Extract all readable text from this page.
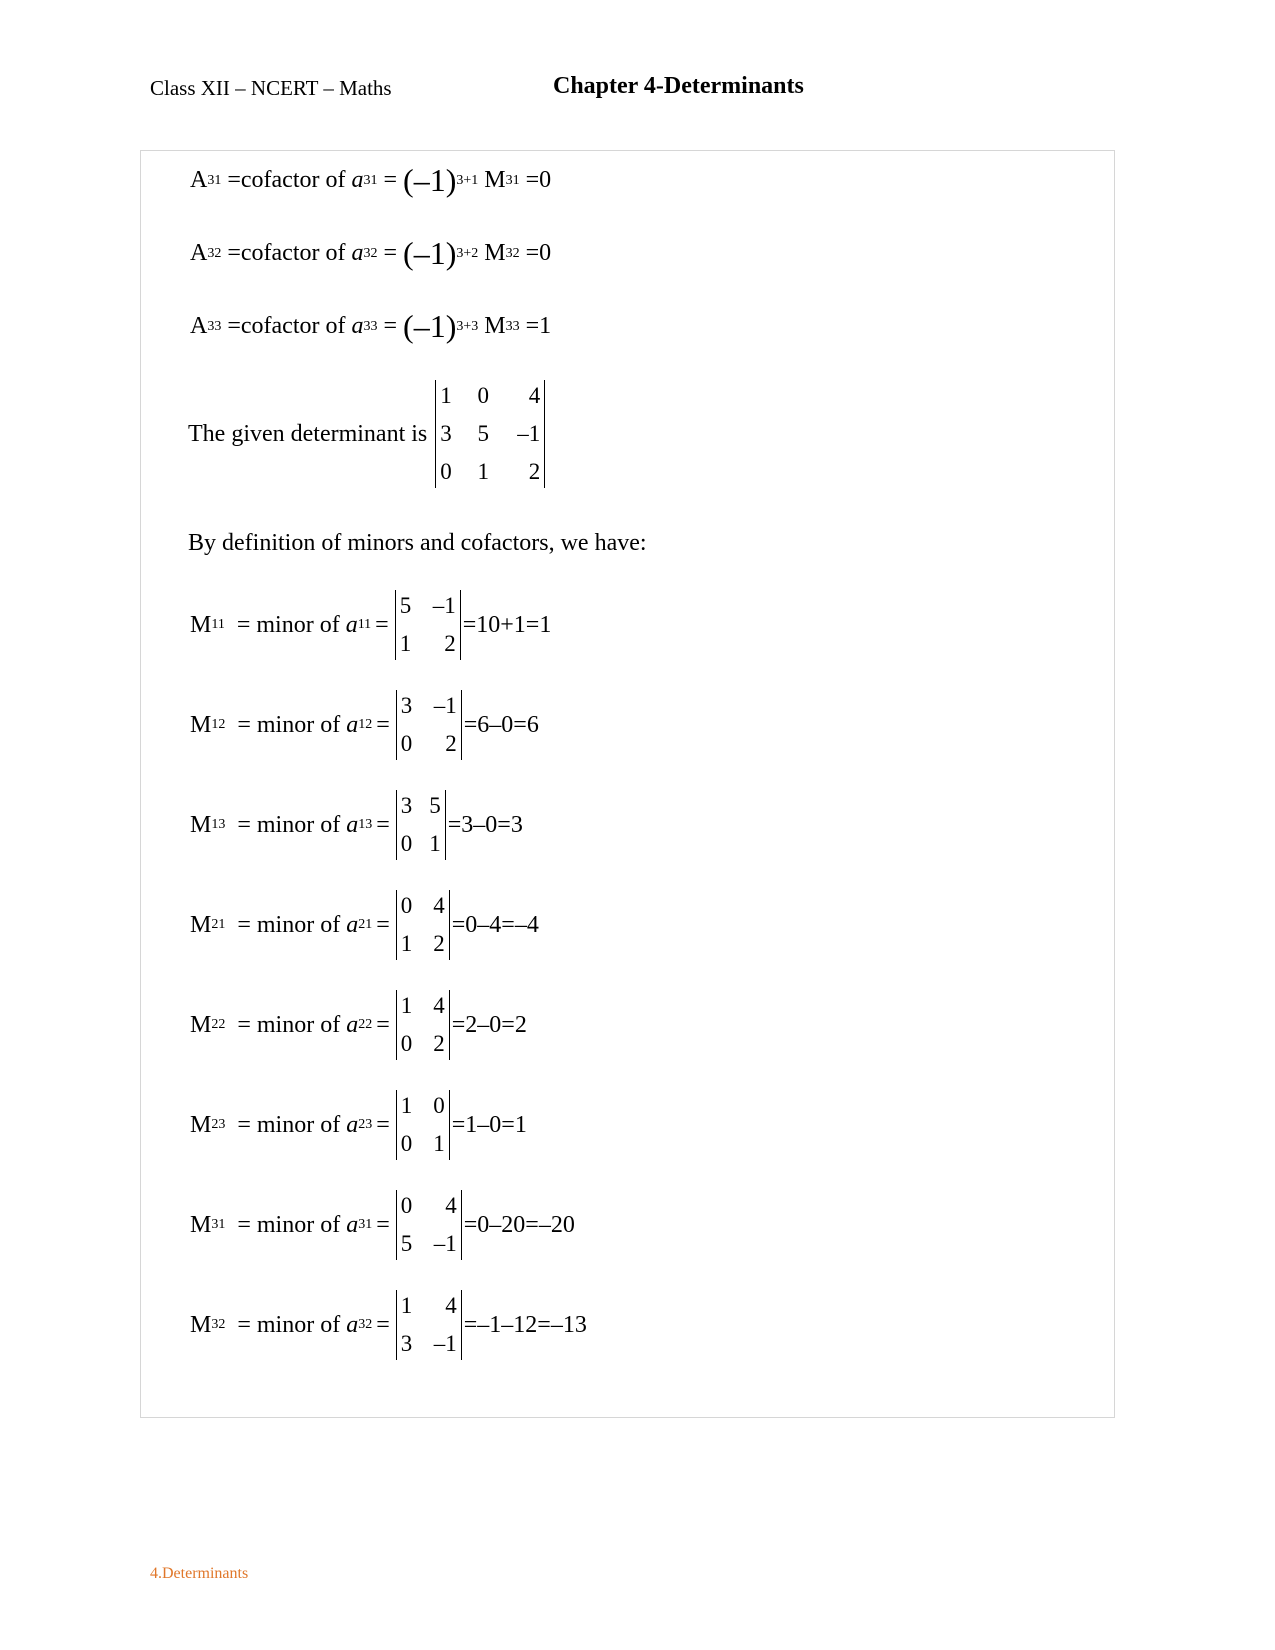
Class XII – NCERT – Maths	Chapter 4-Determinants
A 31 =cofactor of a 31 = (–1) 3+1 M 31 =0
A 32 =cofactor of a 32 = (–1) 3+2 M 32 =0
A 33 =cofactor of a 33 = (–1) 3+3 M 33 =1
The given determinant is
1	0	4
3	5	–1
0	1	2
By definition of minors and cofactors, we have:
M 11 = minor of a 11 =
5 –1
1	2
=10+1=1
M 12 = minor of a 12 =
3 –1
0	2
=6–0=6
M 13 = minor of a 13 =
3 5
0 1
=3–0=3
M 21 = minor of a 21 =
0 4
1 2
=0–4=–4
M 22 = minor of a 22 =
1 4
0 2
=2–0=2
M 23 = minor of a 23 =
1 0
0 1
=1–0=1
M 31 = minor of a 31 =
0	4
5 –1
=0–20=–20
M 32 = minor of a 32 =
1	4
3 –1
=–1–12=–13
4.Determinants
